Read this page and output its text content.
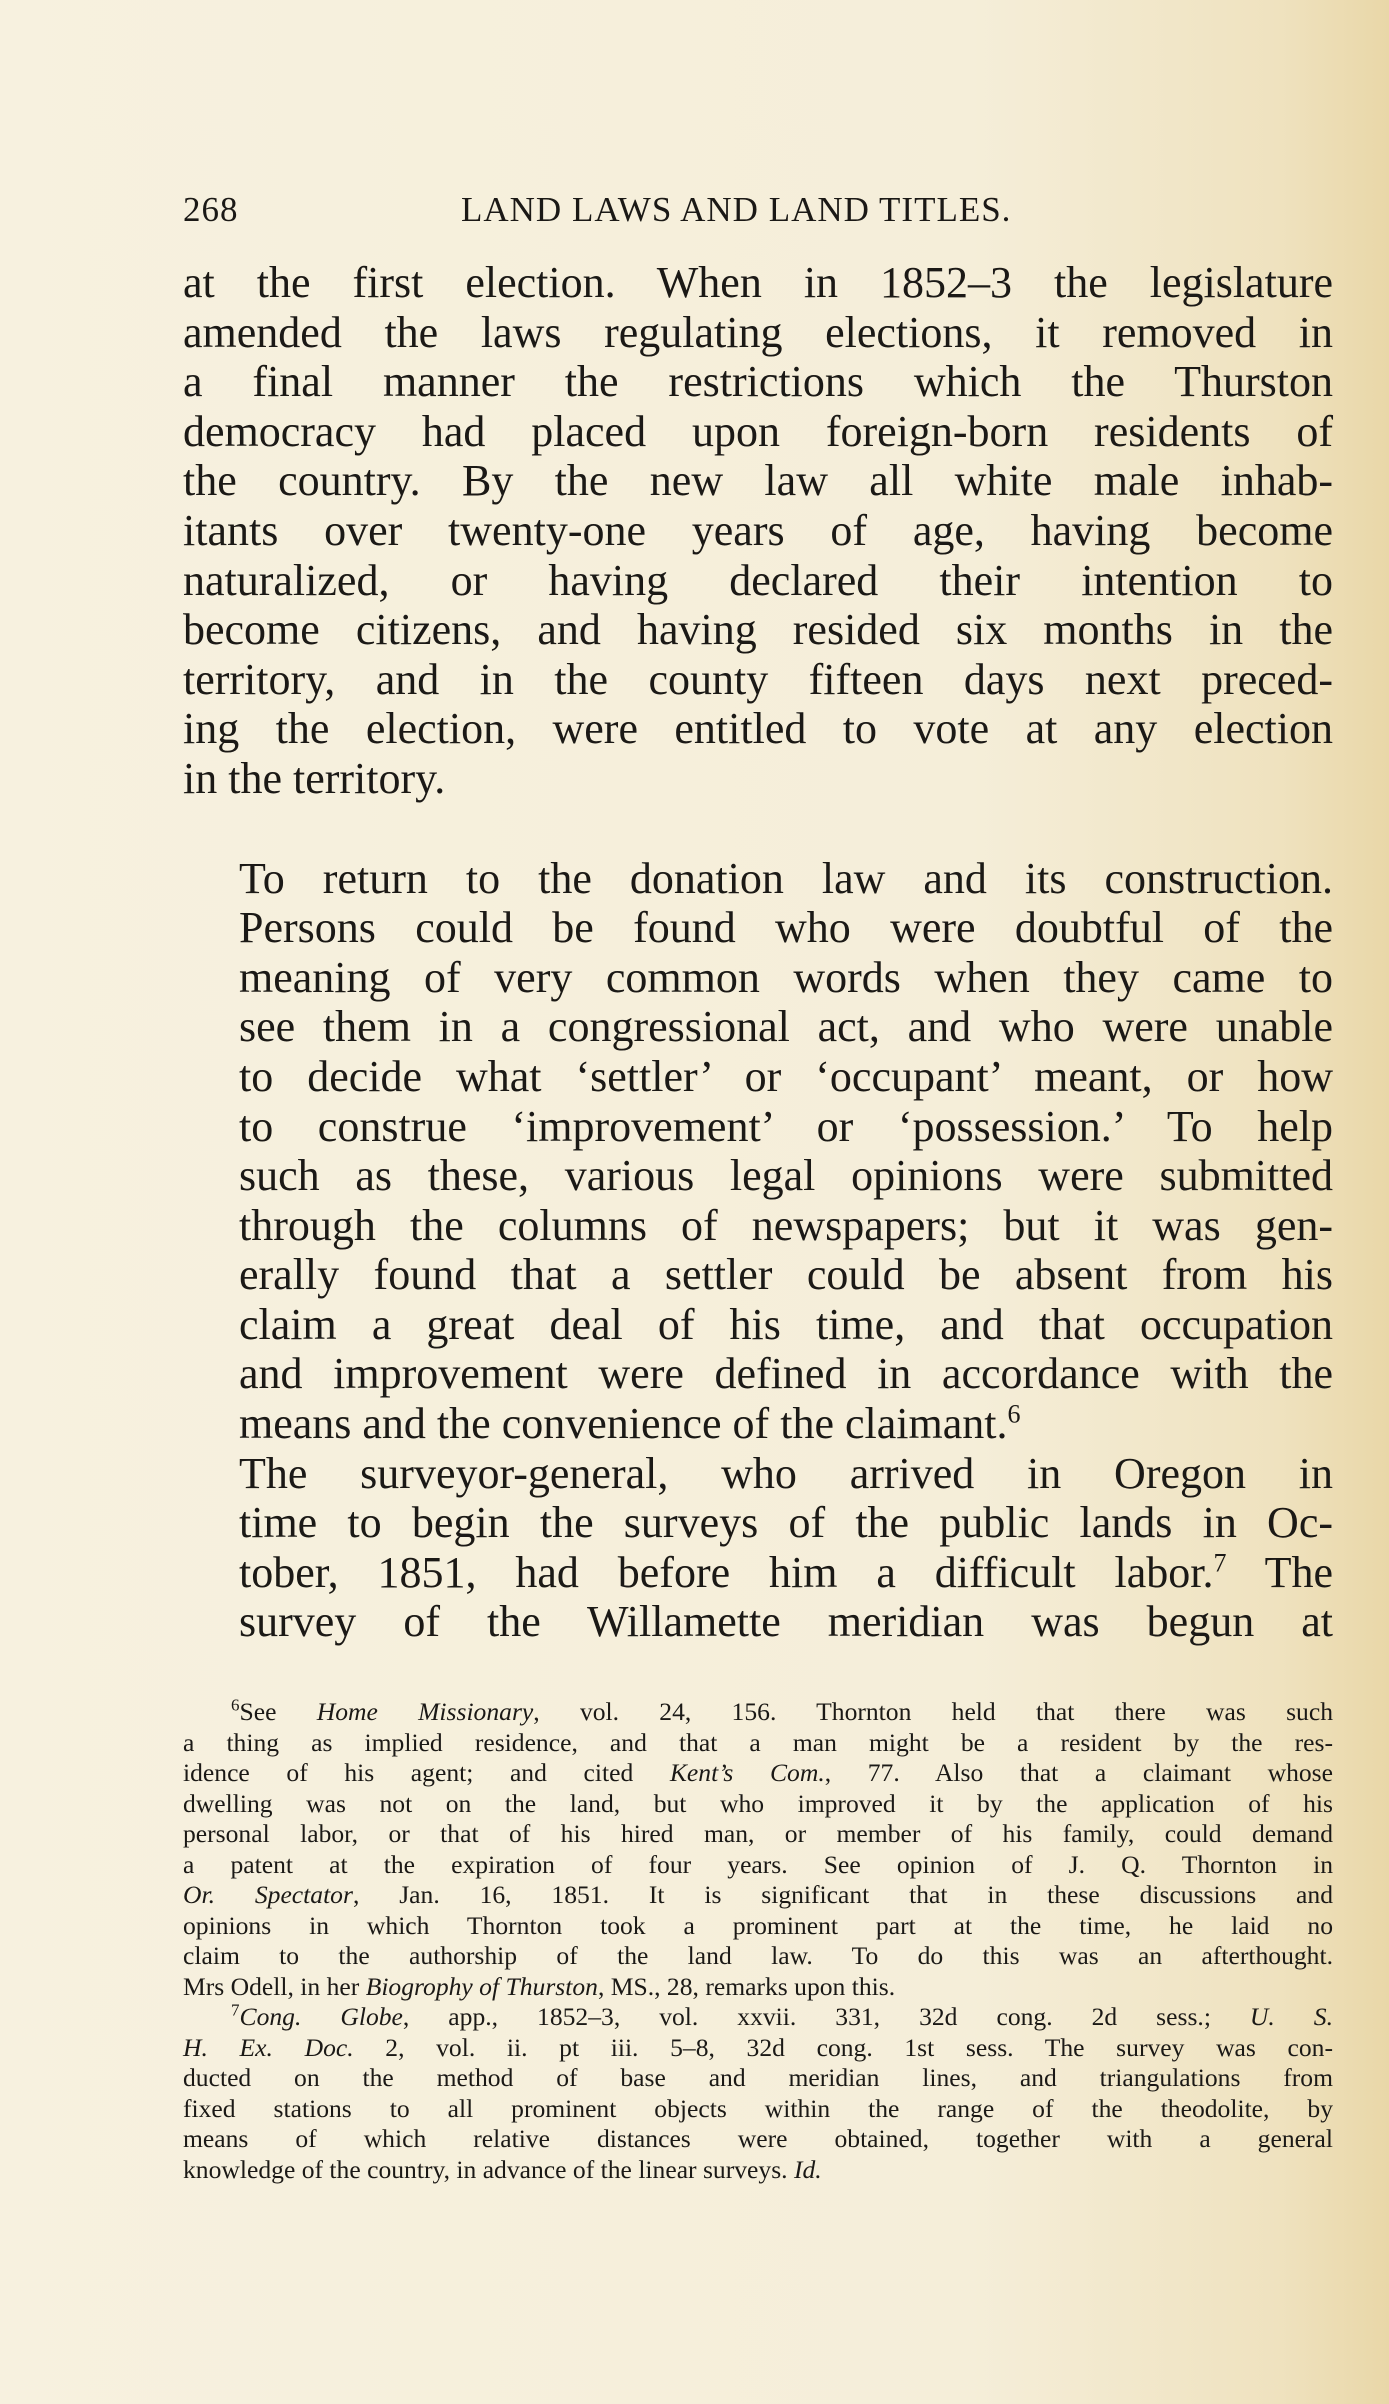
268	LAND LAWS AND LAND TITLES.

at the first election. When in 1852–3 the legislature
amended the laws regulating elections, it removed in
a final manner the restrictions which the Thurston
democracy had placed upon foreign-born residents of
the country. By the new law all white male inhab-
itants over twenty-one years of age, having become
naturalized, or having declared their intention to
become citizens, and having resided six months in the
territory, and in the county fifteen days next preced-
ing the election, were entitled to vote at any election
in the territory.

To return to the donation law and its construction.
Persons could be found who were doubtful of the
meaning of very common words when they came to
see them in a congressional act, and who were unable
to decide what ‘settler’ or ‘occupant’ meant, or how
to construe ‘improvement’ or ‘possession.’ To help
such as these, various legal opinions were submitted
through the columns of newspapers; but it was gen-
erally found that a settler could be absent from his
claim a great deal of his time, and that occupation
and improvement were defined in accordance with the
means and the convenience of the claimant.$^6$

The surveyor-general, who arrived in Oregon in
time to begin the surveys of the public lands in Oc-
tober, 1851, had before him a difficult labor.$^7$ The
survey of the Willamette meridian was begun at

$^6$See Home Missionary, vol. 24, 156. Thornton held that there was such
a thing as implied residence, and that a man might be a resident by the res-
idence of his agent; and cited Kent’s Com., 77. Also that a claimant whose
dwelling was not on the land, but who improved it by the application of his
personal labor, or that of his hired man, or member of his family, could demand
a patent at the expiration of four years. See opinion of J. Q. Thornton in
Or. Spectator, Jan. 16, 1851. It is significant that in these discussions and
opinions in which Thornton took a prominent part at the time, he laid no
claim to the authorship of the land law. To do this was an afterthought.
Mrs Odell, in her Biogrophy of Thurston, MS., 28, remarks upon this.
$^7$Cong. Globe, app., 1852–3, vol. xxvii. 331, 32d cong. 2d sess.; U. S.
H. Ex. Doc. 2, vol. ii. pt iii. 5–8, 32d cong. 1st sess. The survey was con-
ducted on the method of base and meridian lines, and triangulations from
fixed stations to all prominent objects within the range of the theodolite, by
means of which relative distances were obtained, together with a general
knowledge of the country, in advance of the linear surveys. Id.
